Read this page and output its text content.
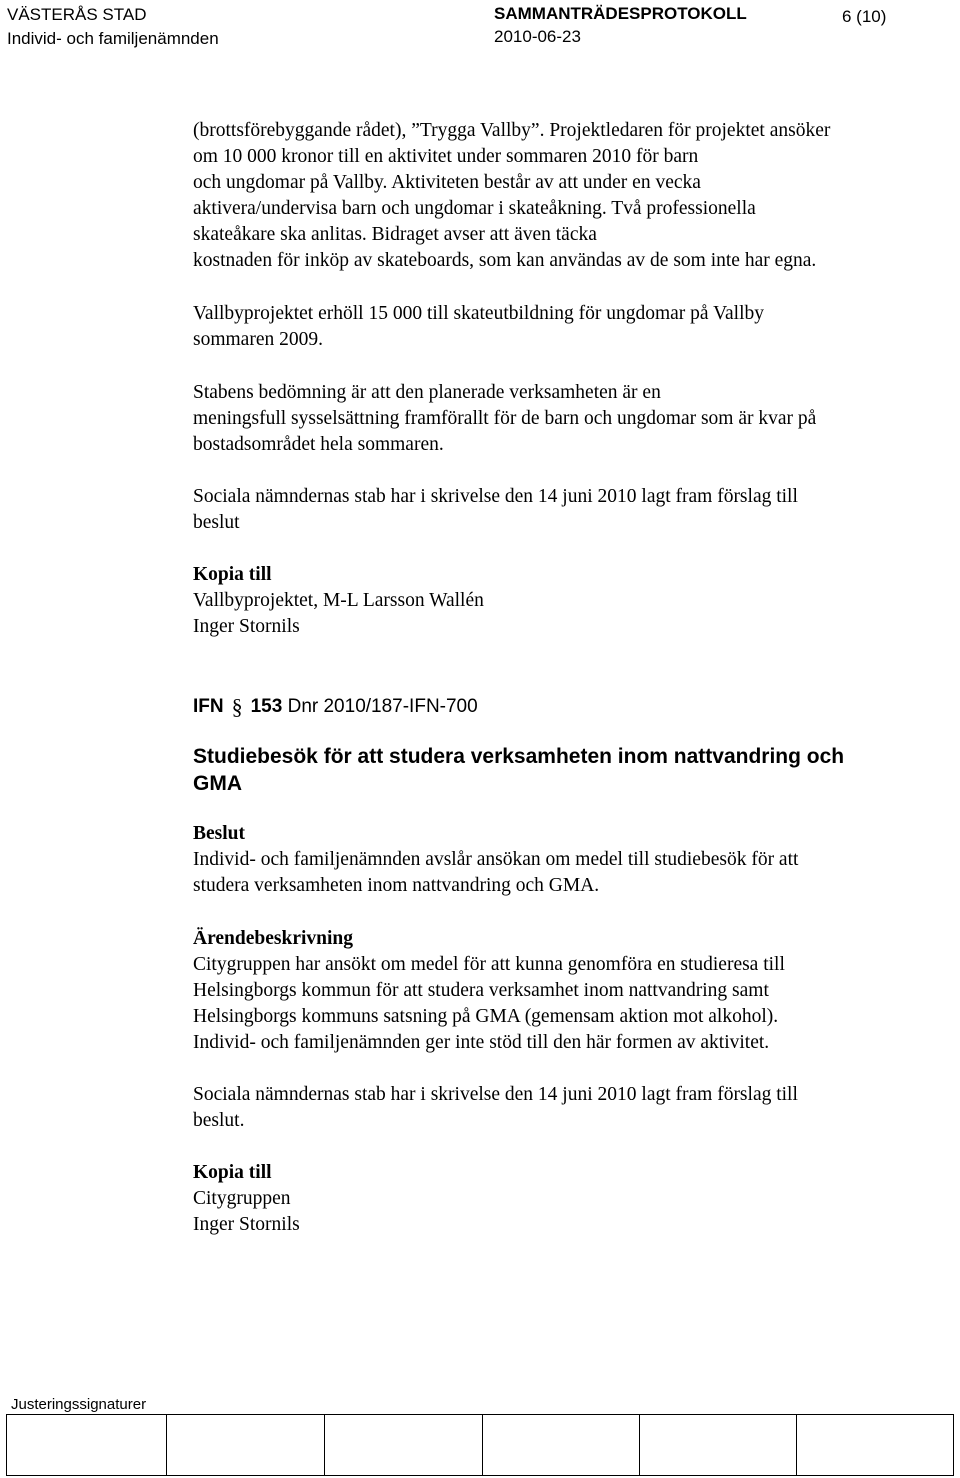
VÄSTERÅS STAD
Individ- och familjenämnden
SAMMANTRÄDESPROTOKOLL
2010-06-23
6 (10)
(brottsförebyggande rådet), ”Trygga Vallby”. Projektledaren för projektet ansöker
om 10 000 kronor till en aktivitet under sommaren 2010 för barn
och ungdomar på Vallby. Aktiviteten består av att under en vecka
aktivera/undervisa barn och ungdomar i skateåkning. Två professionella
skateåkare ska anlitas. Bidraget avser att även täcka
kostnaden för inköp av skateboards, som kan användas av de som inte har egna.
Vallbyprojektet erhöll 15 000 till skateutbildning för ungdomar på Vallby
sommaren 2009.
Stabens bedömning är att den planerade verksamheten är en
meningsfull sysselsättning framförallt för de barn och ungdomar som är kvar på
bostadsområdet hela sommaren.
Sociala nämndernas stab har i skrivelse den 14 juni 2010 lagt fram förslag till
beslut
Kopia till
Vallbyprojektet, M-L Larsson Wallén
Inger Stornils
IFN § 153 Dnr 2010/187-IFN-700
Studiebesök för att studera verksamheten inom nattvandring och
GMA
Beslut
Individ- och familjenämnden avslår ansökan om medel till studiebesök för att
studera verksamheten inom nattvandring och GMA.
Ärendebeskrivning
Citygruppen har ansökt om medel för att kunna genomföra en studieresa till
Helsingborgs kommun för att studera verksamhet inom nattvandring samt
Helsingborgs kommuns satsning på GMA (gemensam aktion mot alkohol).
Individ- och familjenämnden ger inte stöd till den här formen av aktivitet.
Sociala nämndernas stab har i skrivelse den 14 juni 2010 lagt fram förslag till
beslut.
Kopia till
Citygruppen
Inger Stornils
Justeringssignaturer
